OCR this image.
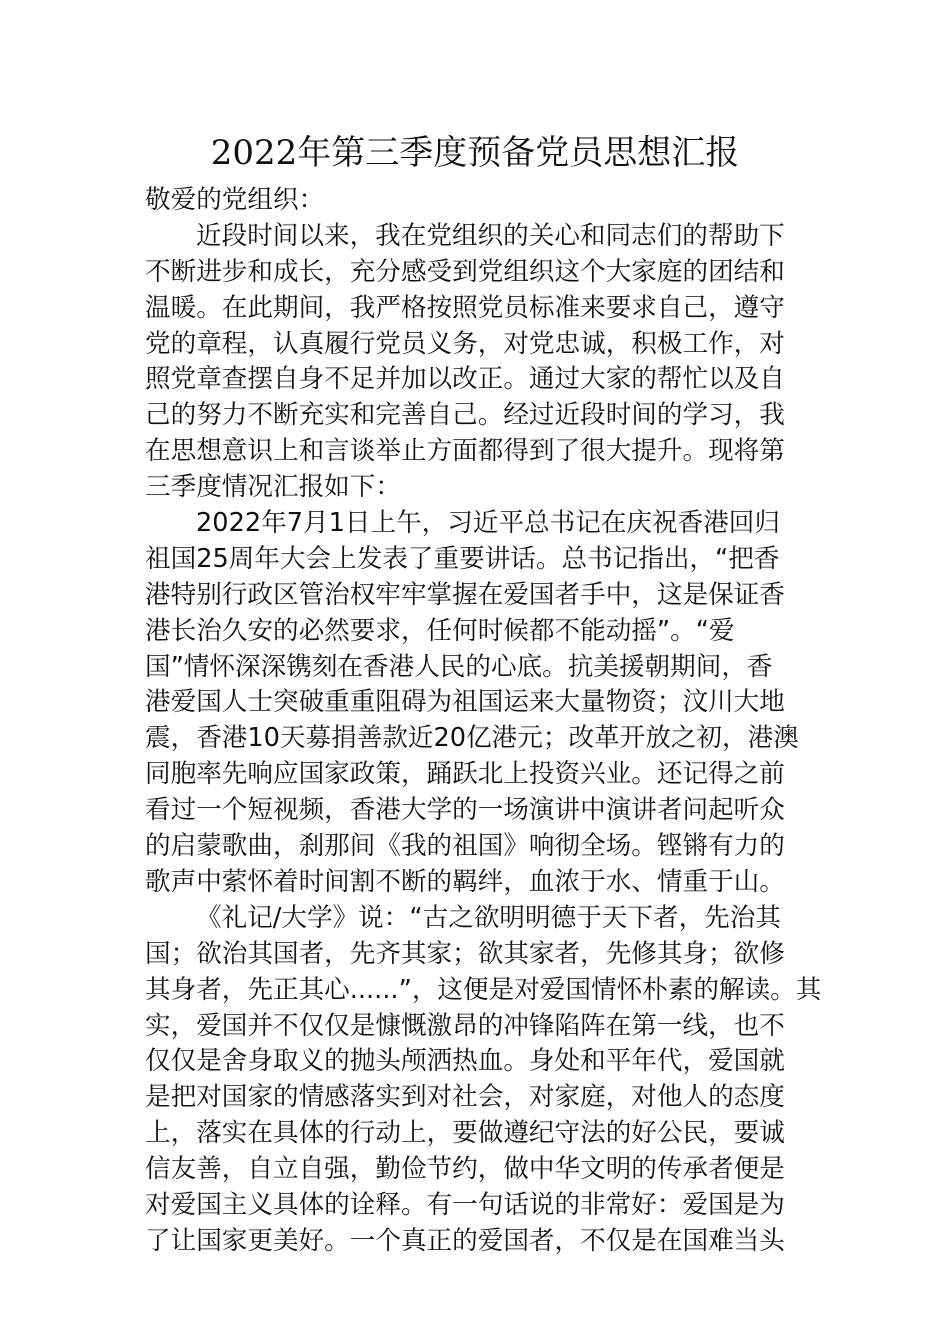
2022年第三季度预备党员思想汇报

敬爱的党组织：

近段时间以来，我在党组织的关心和同志们的帮助下
不断进步和成长，充分感受到党组织这个大家庭的团结和
温暖。在此期间，我严格按照党员标准来要求自己，遵守
党的章程，认真履行党员义务，对党忠诚，积极工作，对
照党章查摆自身不足并加以改正。通过大家的帮忙以及自
己的努力不断充实和完善自己。经过近段时间的学习，我
在思想意识上和言谈举止方面都得到了很大提升。现将第
三季度情况汇报如下：

2022年7月1日上午，习近平总书记在庆祝香港回归
祖国25周年大会上发表了重要讲话。总书记指出，“把香
港特别行政区管治权牢牢掌握在爱国者手中，这是保证香
港长治久安的必然要求，任何时候都不能动摇”。“爱
国”情怀深深镌刻在香港人民的心底。抗美援朝期间，香
港爱国人士突破重重阻碍为祖国运来大量物资；汶川大地
震，香港10天募捐善款近20亿港元；改革开放之初，港澳
同胞率先响应国家政策，踊跃北上投资兴业。还记得之前
看过一个短视频，香港大学的一场演讲中演讲者问起听众
的启蒙歌曲，刹那间《我的祖国》响彻全场。铿锵有力的
歌声中萦怀着时间割不断的羁绊，血浓于水、情重于山。

《礼记/大学》说：“古之欲明明德于天下者，先治其
国；欲治其国者，先齐其家；欲其家者，先修其身；欲修
其身者，先正其心......”，这便是对爱国情怀朴素的解读。其
实，爱国并不仅仅是慷慨激昂的冲锋陷阵在第一线，也不
仅仅是舍身取义的抛头颅洒热血。身处和平年代，爱国就
是把对国家的情感落实到对社会，对家庭，对他人的态度
上，落实在具体的行动上，要做遵纪守法的好公民，要诚
信友善，自立自强，勤俭节约，做中华文明的传承者便是
对爱国主义具体的诠释。有一句话说的非常好：爱国是为
了让国家更美好。一个真正的爱国者，不仅是在国难当头
